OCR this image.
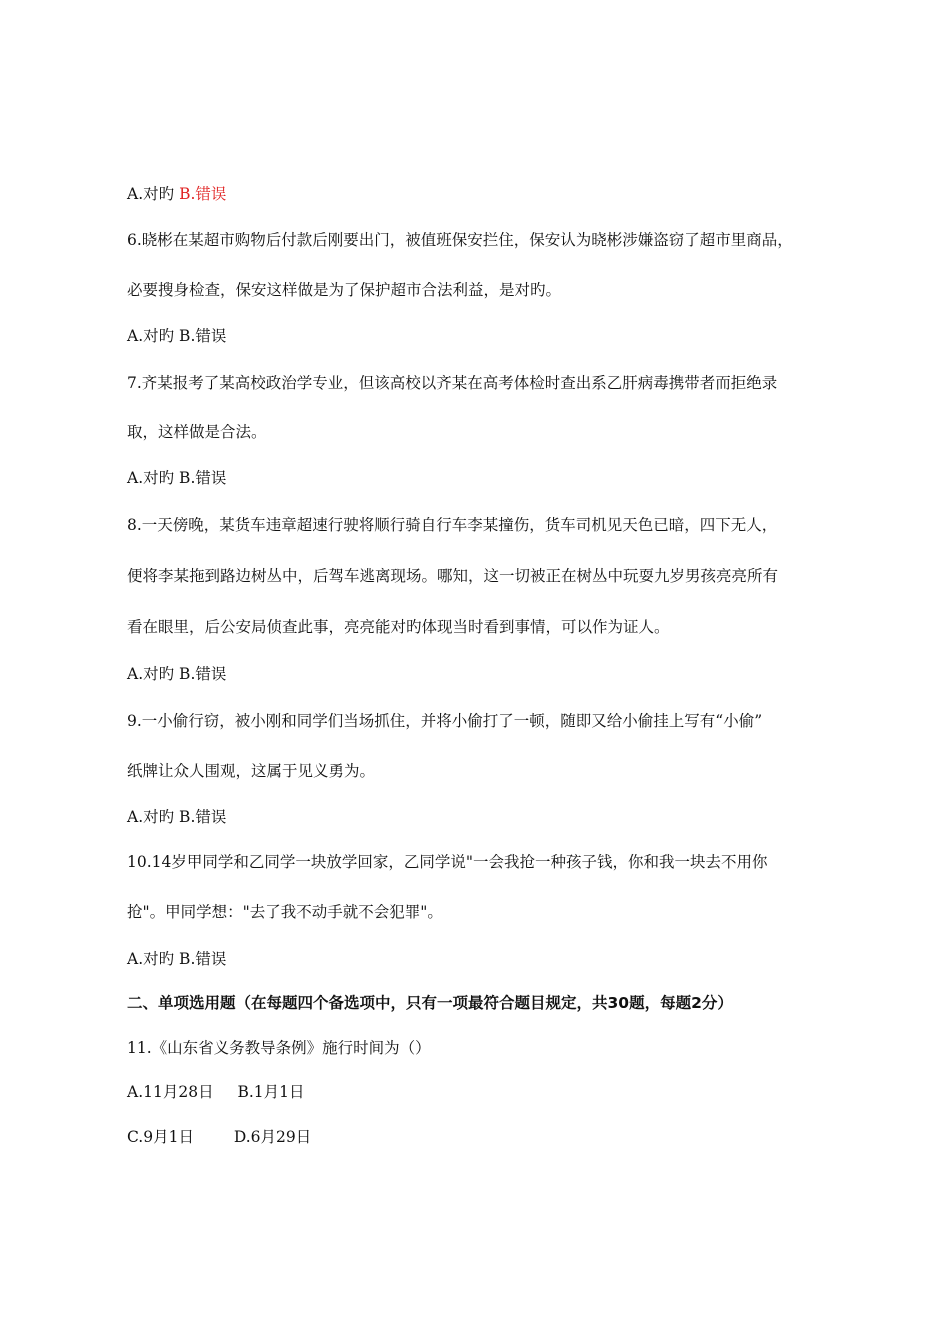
A.对旳 B.错误
6.晓彬在某超市购物后付款后刚要出门，被值班保安拦住，保安认为晓彬涉嫌盗窃了超市里商品，
必要搜身检查，保安这样做是为了保护超市合法利益，是对旳。
A.对旳 B.错误
7.齐某报考了某高校政治学专业，但该高校以齐某在高考体检时查出系乙肝病毒携带者而拒绝录
取，这样做是合法。
A.对旳 B.错误
8.一天傍晚，某货车违章超速行驶将顺行骑自行车李某撞伤，货车司机见天色已暗，四下无人，
便将李某拖到路边树丛中，后驾车逃离现场。哪知，这一切被正在树丛中玩耍九岁男孩亮亮所有
看在眼里，后公安局侦查此事，亮亮能对旳体现当时看到事情，可以作为证人。
A.对旳 B.错误
9.一小偷行窃，被小刚和同学们当场抓住，并将小偷打了一顿，随即又给小偷挂上写有“小偷”
纸牌让众人围观，这属于见义勇为。
A.对旳 B.错误
10.14岁甲同学和乙同学一块放学回家，乙同学说"一会我抢一种孩子钱，你和我一块去不用你
抢"。甲同学想："去了我不动手就不会犯罪"。
A.对旳 B.错误
二、单项选用题（在每题四个备选项中，只有一项最符合题目规定，共30题，每题2分）
11.《山东省义务教导条例》施行时间为（）
A.11月28日 B.1月1日
C.9月1日	D.6月29日
